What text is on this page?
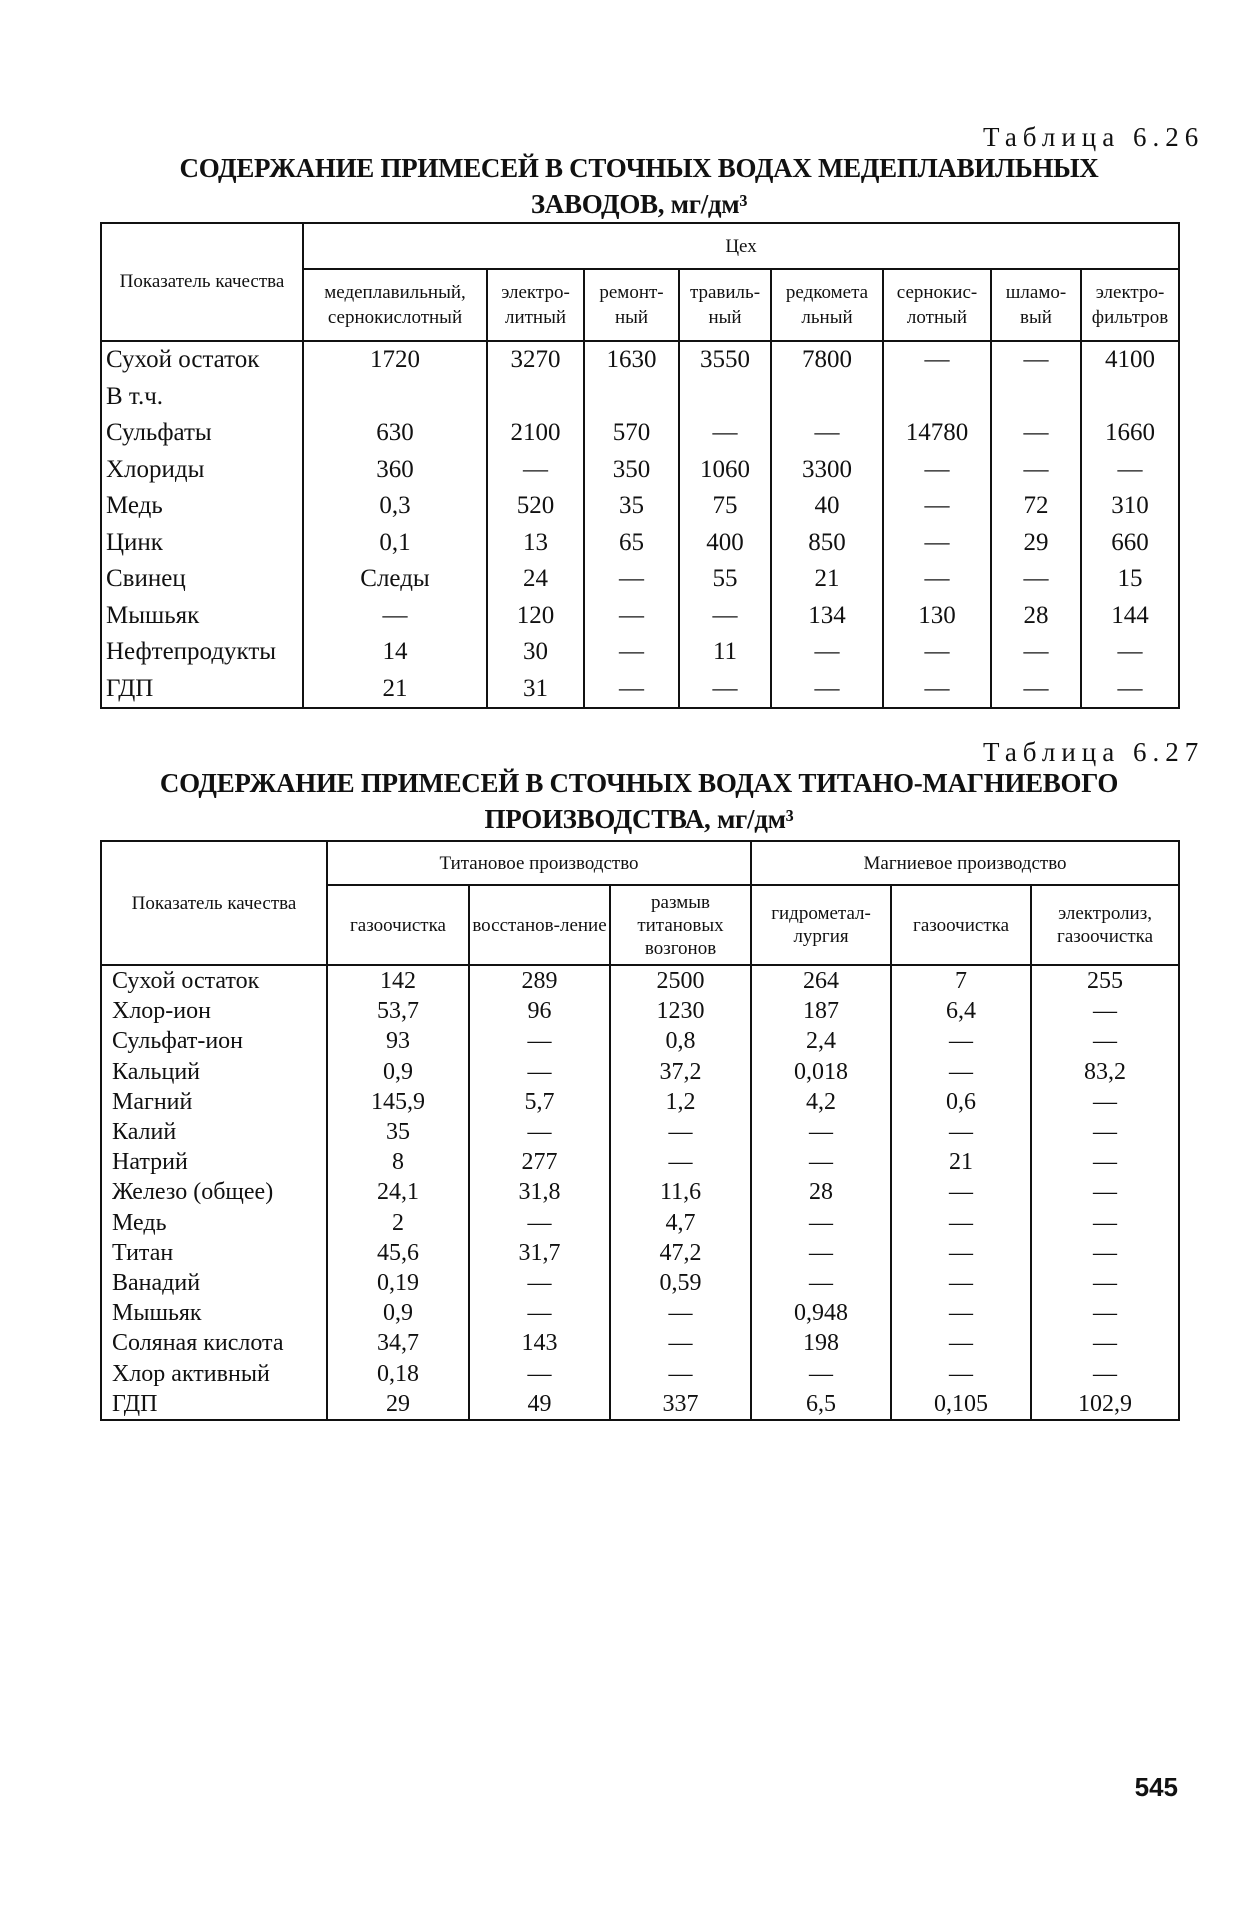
Таблица 6.26
СОДЕРЖАНИЕ ПРИМЕСЕЙ В СТОЧНЫХ ВОДАХ МЕДЕПЛАВИЛЬНЫХ
ЗАВОДОВ, мг/дм³
Показатель качества	Цех							
	медеплавильный, сернокислотный	электро-литный	ремонт-ный	травиль-ный	редкомета льный	сернокис-лотный	шламо-вый	электро-фильтров
Сухой остаток	1720	3270	1630	3550	7800	—	—	4100
В т.ч.								
Сульфаты	630	2100	570	—	—	14780	—	1660
Хлориды	360	—	350	1060	3300	—	—	—
Медь	0,3	520	35	75	40	—	72	310
Цинк	0,1	13	65	400	850	—	29	660
Свинец	Следы	24	—	55	21	—	—	15
Мышьяк	—	120	—	—	134	130	28	144
Нефтепродукты	14	30	—	11	—	—	—	—
ГДП	21	31	—	—	—	—	—	—
Таблица 6.27
СОДЕРЖАНИЕ ПРИМЕСЕЙ В СТОЧНЫХ ВОДАХ ТИТАНО-МАГНИЕВОГО
ПРОИЗВОДСТВА, мг/дм³
Показатель качества	Титановое производство			Магниевое производство		
	газоочистка	восстанов-ление	размыв титановых возгонов	гидрометал-лургия	газоочистка	электролиз, газоочистка
Сухой остаток	142	289	2500	264	7	255
Хлор-ион	53,7	96	1230	187	6,4	—
Сульфат-ион	93	—	0,8	2,4	—	—
Кальций	0,9	—	37,2	0,018	—	83,2
Магний	145,9	5,7	1,2	4,2	0,6	—
Калий	35	—	—	—	—	—
Натрий	8	277	—	—	21	—
Железо (общее)	24,1	31,8	11,6	28	—	—
Медь	2	—	4,7	—	—	—
Титан	45,6	31,7	47,2	—	—	—
Ванадий	0,19	—	0,59	—	—	—
Мышьяк	0,9	—	—	0,948	—	—
Соляная кислота	34,7	143	—	198	—	—
Хлор активный	0,18	—	—	—	—	—
ГДП	29	49	337	6,5	0,105	102,9
545
